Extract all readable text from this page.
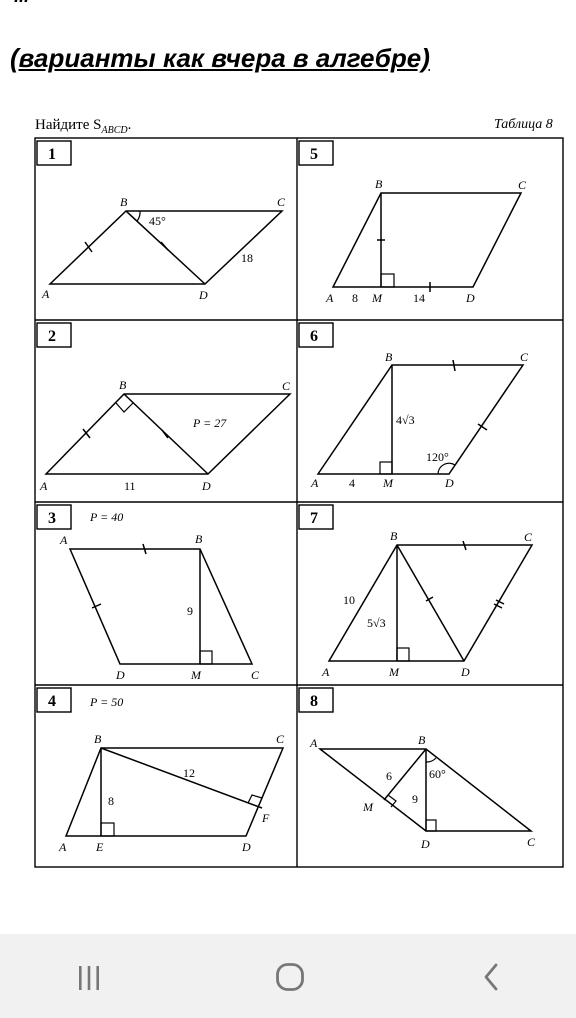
(варианты как вчера в алгебре)
Найдите $S_{ABCD}$.	Таблица 8
1	5
2	6
3	7
4	8
A
B	C
D
45°
18
A
B	C
D
P = 27
11
P = 40
A	B
C
D	M
9
P = 50
B	C
A E	D
F
8
12
B	C
A	M	D
8	14
B	C
A	M	D
4
4√3
120°
B	C
A	M	D
10
5√3
A	B
C
D
M
6
9
60°
